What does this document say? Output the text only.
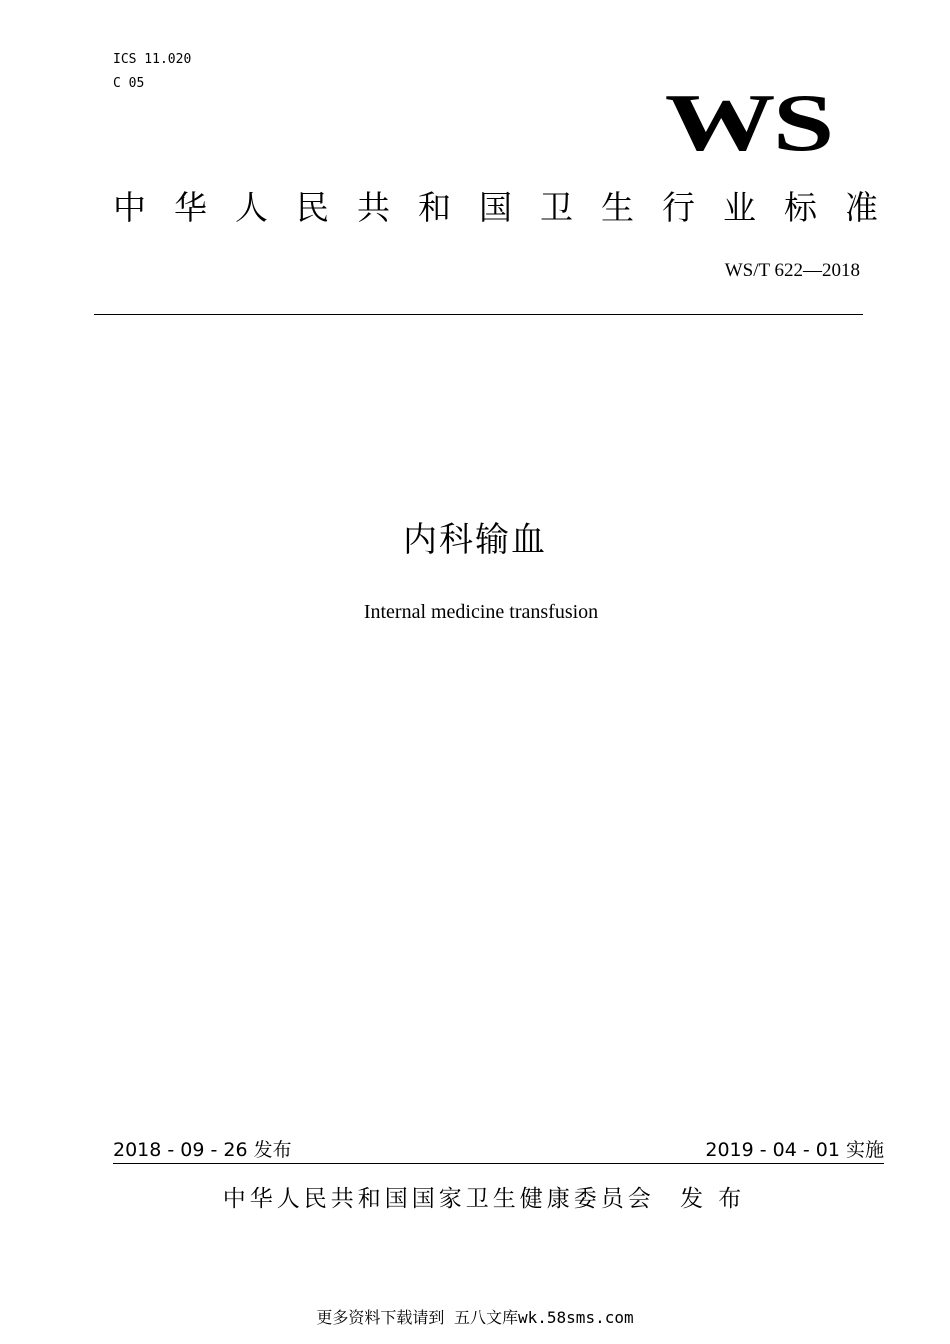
ICS 11.020
C 05	WS
中华人民共和国卫生行业标准
WS/T 622—2018
内科输血
Internal medicine transfusion
2018 - 09 - 26 发布	2019 - 04 - 01 实施
中华人民共和国国家卫生健康委员会 发 布
更多资料下载请到 五八文库wk.58sms.com
